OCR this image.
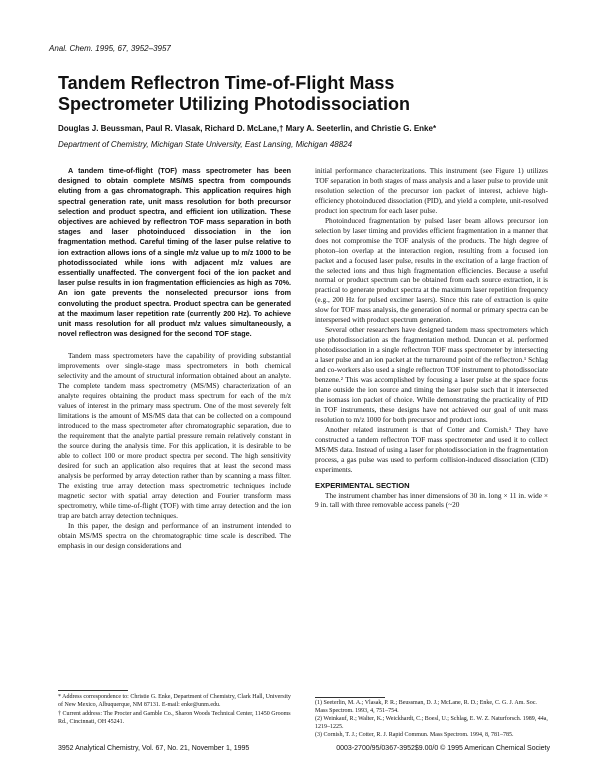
Anal. Chem. 1995, 67, 3952–3957
Tandem Reflectron Time-of-Flight Mass
Spectrometer Utilizing Photodissociation
Douglas J. Beussman, Paul R. Vlasak, Richard D. McLane,† Mary A. Seeterlin, and Christie G. Enke*
Department of Chemistry, Michigan State University, East Lansing, Michigan 48824

A tandem time-of-flight (TOF) mass spectrometer has been designed to obtain complete MS/MS spectra from compounds eluting from a gas chromatograph. This application requires high spectral generation rate, unit mass resolution for both precursor selection and product spectra, and efficient ion utilization. These objectives are achieved by reflectron TOF mass separation in both stages and laser photoinduced dissociation in the ion fragmentation method. Careful timing of the laser pulse relative to ion extraction allows ions of a single m/z value up to m/z 1000 to be photodissociated while ions with adjacent m/z values are essentially unaffected. The convergent foci of the ion packet and laser pulse results in ion fragmentation efficiencies as high as 70%. An ion gate prevents the nonselected precursor ions from convoluting the product spectra. Product spectra can be generated at the maximum laser repetition rate (currently 200 Hz). To achieve unit mass resolution for all product m/z values simultaneously, a novel reflectron was designed for the second TOF stage.

Tandem mass spectrometers have the capability of providing substantial improvements over single-stage mass spectrometers in both chemical selectivity and the amount of structural information obtained about an analyte. The complete tandem mass spectrometry (MS/MS) characterization of an analyte requires obtaining the product mass spectrum for each of the m/z values of interest in the primary mass spectrum. One of the most severely felt limitations is the amount of MS/MS data that can be collected on a compound introduced to the mass spectrometer after chromatographic separation, due to the requirement that the analyte partial pressure remain relatively constant in the source during the analysis time. For this application, it is desirable to be able to collect 100 or more product spectra per second. The high sensitivity desired for such an application also requires that at least the second mass analysis be performed by array detection rather than by scanning a mass filter. The existing true array detection mass spectrometric techniques include magnetic sector with spatial array detection and Fourier transform mass spectrometry, while time-of-flight (TOF) with time array detection and the ion trap are batch array detection techniques.

In this paper, the design and performance of an instrument intended to obtain MS/MS spectra on the chromatographic time scale is described. The emphasis in our design considerations and

* Address correspondence to: Christie G. Enke, Department of Chemistry, Clark Hall, University of New Mexico, Albuquerque, NM 87131. E-mail: enke@unm.edu.

† Current address: The Procter and Gamble Co., Sharon Woods Technical Center, 11450 Grooms Rd., Cincinnati, OH 45241.

initial performance characterizations. This instrument (see Figure 1) utilizes TOF separation in both stages of mass analysis and a laser pulse to provide unit resolution selection of the precursor ion packet of interest, achieve high-efficiency photoinduced dissociation (PID), and yield a complete, unit-resolved product ion spectrum for each laser pulse.

Photoinduced fragmentation by pulsed laser beam allows precursor ion selection by laser timing and provides efficient fragmentation in a manner that does not compromise the TOF analysis of the products. The high degree of photon–ion overlap at the interaction region, resulting from a focused ion packet and a focused laser pulse, results in the excitation of a large fraction of the selected ions and thus high fragmentation efficiencies. Because a useful normal or product spectrum can be obtained from each source extraction, it is practical to generate product spectra at the maximum laser repetition frequency (e.g., 200 Hz for pulsed excimer lasers). Since this rate of extraction is quite slow for TOF mass analysis, the generation of normal or primary spectra can be interspersed with product spectrum generation.

Several other researchers have designed tandem mass spectrometers which use photodissociation as the fragmentation method. Duncan et al. performed photodissociation in a single reflectron TOF mass spectrometer by intersecting a laser pulse and an ion packet at the turnaround point of the reflectron.¹ Schlag and co-workers also used a single reflectron TOF instrument to photodissociate benzene.² This was accomplished by focusing a laser pulse at the space focus plane outside the ion source and timing the laser pulse such that it intersected the isomass ion packet of choice. While demonstrating the practicality of PID in TOF instruments, these designs have not achieved our goal of unit mass resolution to m/z 1000 for both precursor and product ions.

Another related instrument is that of Cotter and Cornish.³ They have constructed a tandem reflectron TOF mass spectrometer and used it to collect MS/MS data. Instead of using a laser for photodissociation in the fragmentation process, a gas pulse was used to perform collision-induced dissociation (CID) experiments.

EXPERIMENTAL SECTION

The instrument chamber has inner dimensions of 30 in. long × 11 in. wide × 9 in. tall with three removable access panels (~20

(1) Seeterlin, M. A.; Vlasak, P. R.; Beussman, D. J.; McLane, R. D.; Enke, C. G. J. Am. Soc. Mass Spectrom. 1993, 4, 751–754.

(2) Weinkauf, R.; Walter, K.; Weickhardt, C.; Boesl, U.; Schlag, E. W. Z. Naturforsch. 1989, 44a, 1219–1225.

(3) Cornish, T. J.; Cotter, R. J. Rapid Commun. Mass Spectrom. 1994, 8, 781–785.

3952 Analytical Chemistry, Vol. 67, No. 21, November 1, 1995	0003-2700/95/0367-3952$9.00/0 © 1995 American Chemical Society
